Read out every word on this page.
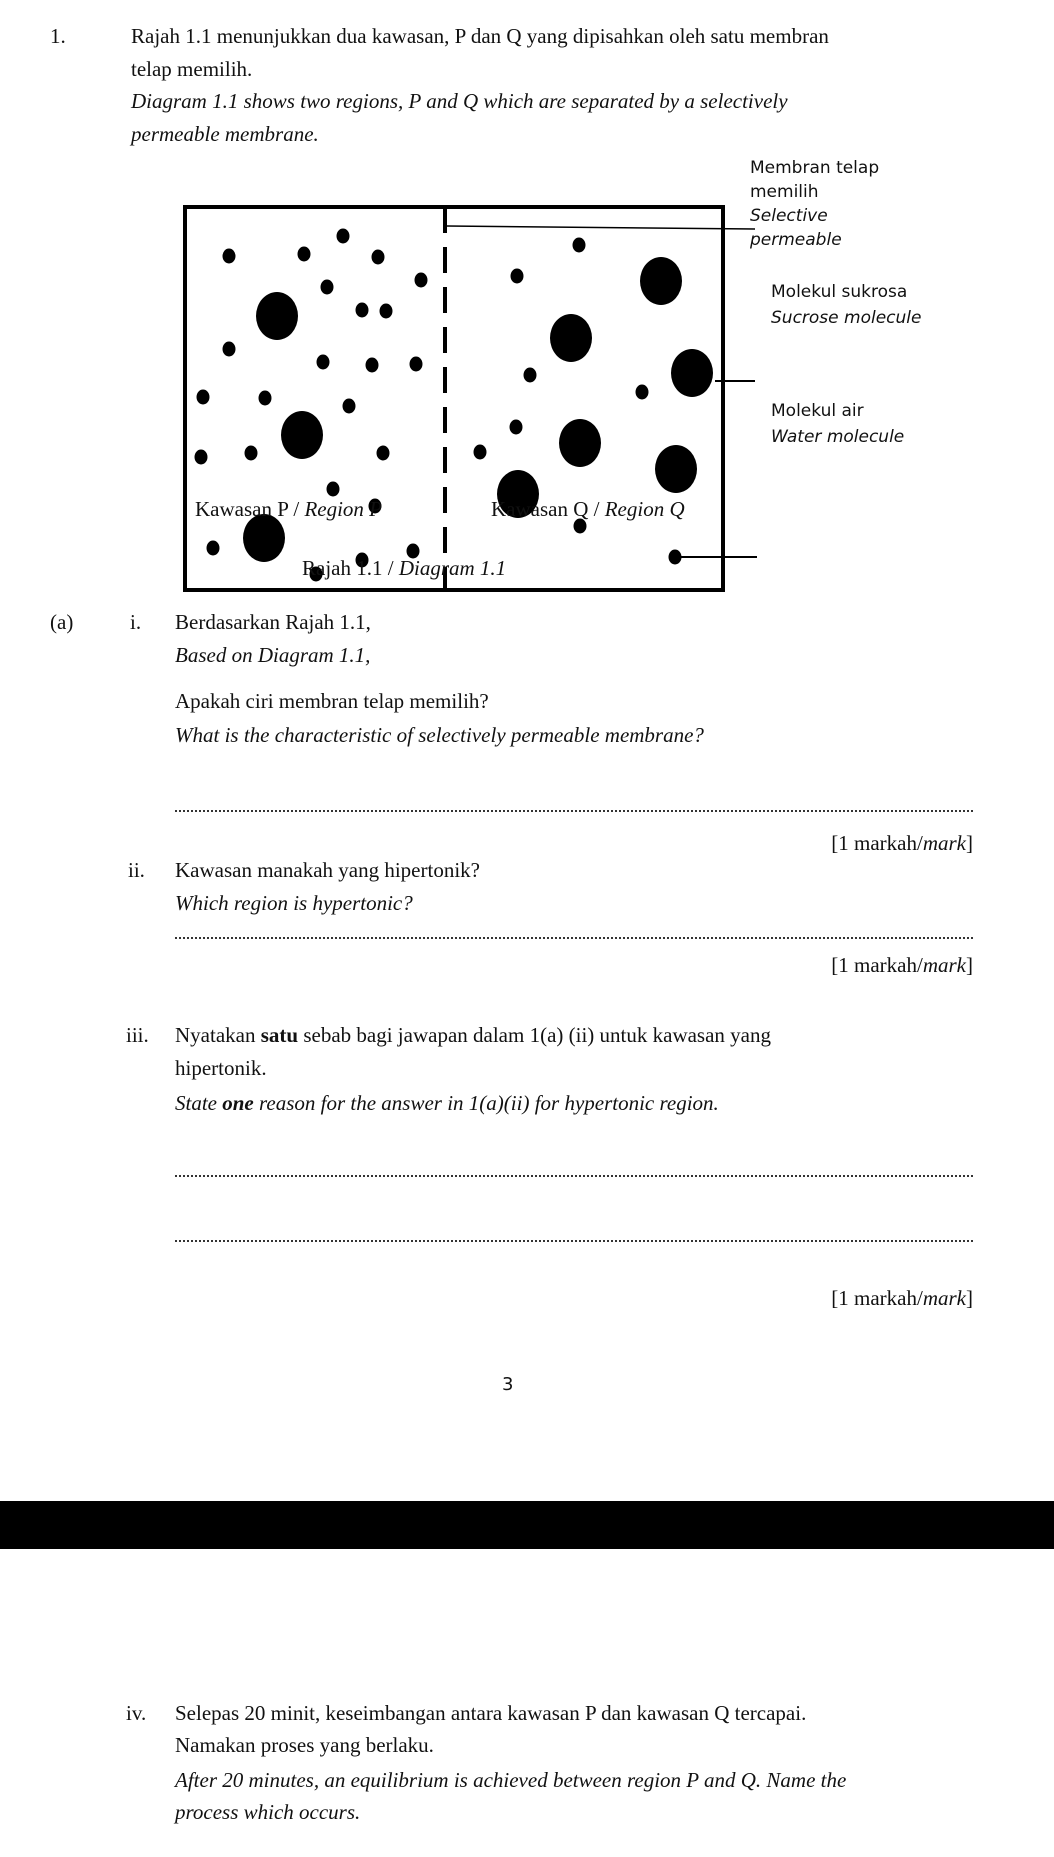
1.	Rajah 1.1 menunjukkan dua kawasan, P dan Q yang dipisahkan oleh satu membran
telap memilih.
Diagram 1.1 shows two regions, P and Q which are separated by a selectively
permeable membrane.
Membran telap
memilih
Selective
permeable
Molekul sukrosa
Sucrose molecule
Molekul air
Water molecule
Kawasan P / Region P	Kawasan Q / Region Q
Rajah 1.1 / Diagram 1.1
(a)	i. Berdasarkan Rajah 1.1,
Based on Diagram 1.1,
Apakah ciri membran telap memilih?
What is the characteristic of selectively permeable membrane?
[1 markah/mark]
ii. Kawasan manakah yang hipertonik?
Which region is hypertonic?
[1 markah/mark]
iii. Nyatakan satu sebab bagi jawapan dalam 1(a) (ii) untuk kawasan yang
hipertonik.
State one reason for the answer in 1(a)(ii) for hypertonic region.
[1 markah/mark]
3
iv. Selepas 20 minit, keseimbangan antara kawasan P dan kawasan Q tercapai.
Namakan proses yang berlaku.
After 20 minutes, an equilibrium is achieved between region P and Q. Name the
process which occurs.
